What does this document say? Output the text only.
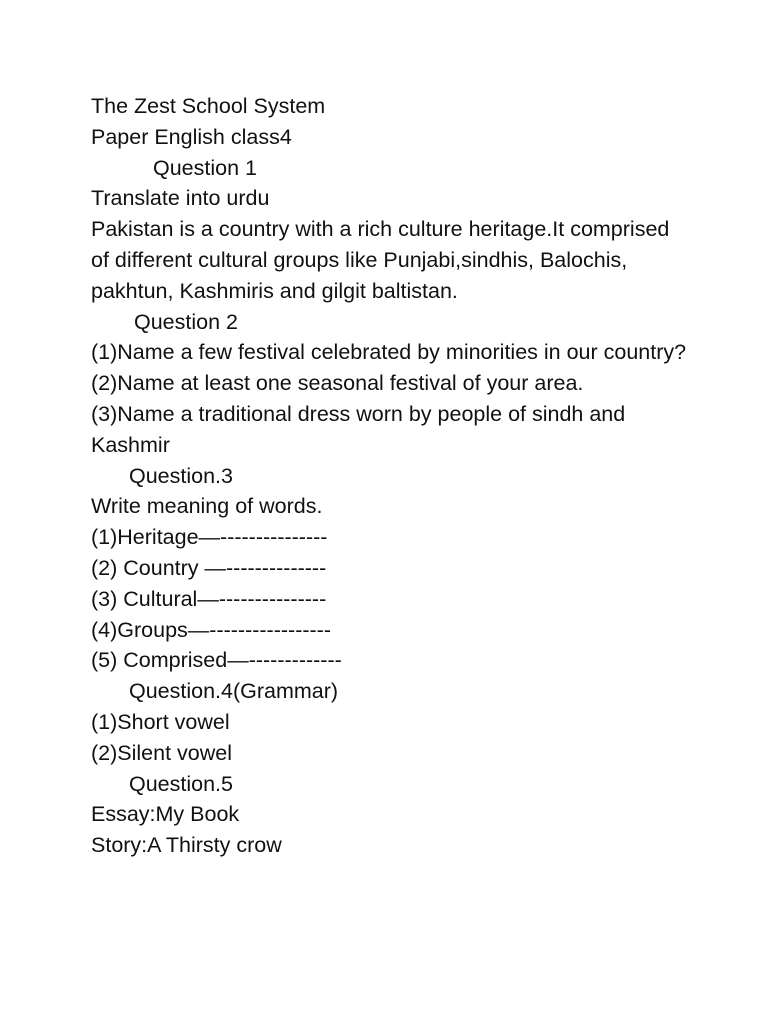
The Zest School System
Paper English class4
Question 1
Translate into urdu
Pakistan is a country with a rich culture heritage.It comprised of different cultural groups like Punjabi,sindhis, Balochis, pakhtun, Kashmiris and gilgit baltistan.
Question 2
(1)Name a few festival celebrated by minorities in our country?
(2)Name at least one seasonal festival of your area.
(3)Name a traditional dress worn by people of sindh and Kashmir
Question.3
Write meaning of words.
(1)Heritage—---------------
(2) Country —--------------
(3) Cultural—---------------
(4)Groups—-----------------
(5) Comprised—-------------
Question.4(Grammar)
(1)Short vowel
(2)Silent vowel
Question.5
Essay:My Book
Story:A Thirsty crow
